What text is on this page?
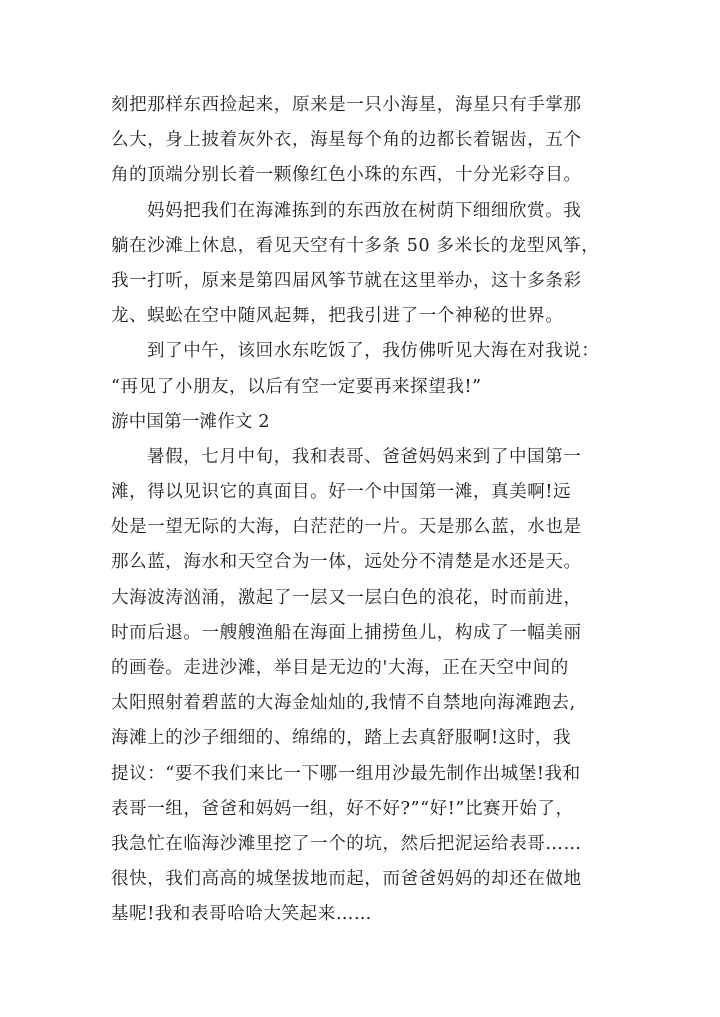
刻把那样东西捡起来，原来是一只小海星，海星只有手掌那
么大，身上披着灰外衣，海星每个角的边都长着锯齿，五个
角的顶端分别长着一颗像红色小珠的东西，十分光彩夺目。
妈妈把我们在海滩拣到的东西放在树荫下细细欣赏。我
躺在沙滩上休息，看见天空有十多条 50 多米长的龙型风筝，
我一打听，原来是第四届风筝节就在这里举办，这十多条彩
龙、蜈蚣在空中随风起舞，把我引进了一个神秘的世界。
到了中午，该回水东吃饭了，我仿佛听见大海在对我说：
“再见了小朋友，以后有空一定要再来探望我!”
游中国第一滩作文 2
暑假，七月中旬，我和表哥、爸爸妈妈来到了中国第一
滩，得以见识它的真面目。好一个中国第一滩，真美啊!远
处是一望无际的大海，白茫茫的一片。天是那么蓝，水也是
那么蓝，海水和天空合为一体，远处分不清楚是水还是天。
大海波涛汹涌，激起了一层又一层白色的浪花，时而前进，
时而后退。一艘艘渔船在海面上捕捞鱼儿，构成了一幅美丽
的画卷。走进沙滩，举目是无边的'大海，正在天空中间的
太阳照射着碧蓝的大海金灿灿的,我情不自禁地向海滩跑去,
海滩上的沙子细细的、绵绵的，踏上去真舒服啊!这时，我
提议：“要不我们来比一下哪一组用沙最先制作出城堡!我和
表哥一组，爸爸和妈妈一组，好不好?”“好!”比赛开始了，
我急忙在临海沙滩里挖了一个的坑，然后把泥运给表哥……
很快，我们高高的城堡拔地而起，而爸爸妈妈的却还在做地
基呢!我和表哥哈哈大笑起来……
